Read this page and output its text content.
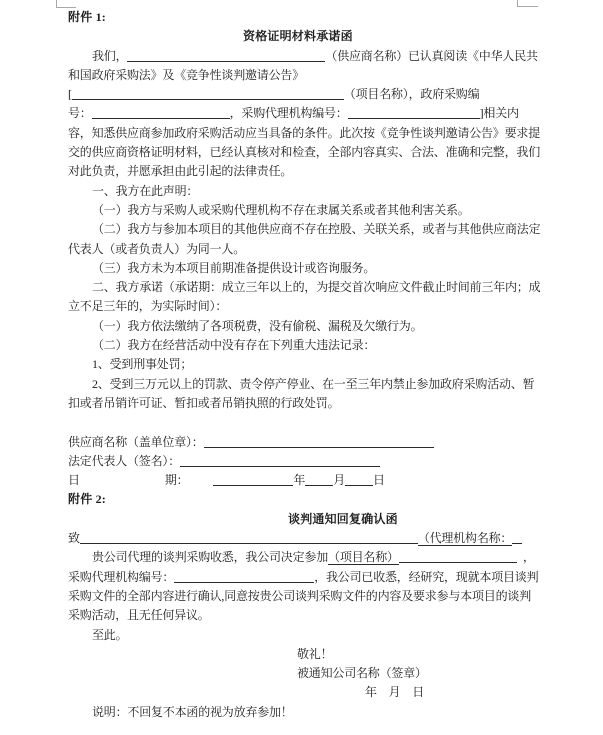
附件 1:
资格证明材料承诺函
我们，	（供应商名称）已认真阅读《中华人民共
和国政府采购法》及《竞争性谈判邀请公告》
[	（项目名称），政府采购编
号：	，采购代理机构编号：	]相关内
容，知悉供应商参加政府采购活动应当具备的条件。此次按《竞争性谈判邀请公告》要求提
交的供应商资格证明材料，已经认真核对和检查，全部内容真实、合法、准确和完整，我们
对此负责，并愿承担由此引起的法律责任。
一、我方在此声明：
（一）我方与采购人或采购代理机构不存在隶属关系或者其他利害关系。
（二）我方与参加本项目的其他供应商不存在控股、关联关系，或者与其他供应商法定
代表人（或者负责人）为同一人。
（三）我方未为本项目前期准备提供设计或咨询服务。
二、我方承诺（承诺期：成立三年以上的，为提交首次响应文件截止时间前三年内；成
立不足三年的，为实际时间）：
（一）我方依法缴纳了各项税费，没有偷税、漏税及欠缴行为。
（二）我方在经营活动中没有存在下列重大违法记录：
1、受到刑事处罚；
2、受到三万元以上的罚款、责令停产停业、在一至三年内禁止参加政府采购活动、暂
扣或者吊销许可证、暂扣或者吊销执照的行政处罚。

供应商名称（盖单位章）：
法定代表人（签名）：
日	期：	年 月 日
附件 2:
谈判通知回复确认函
致	（代理机构名称：
贵公司代理的谈判采购收悉，我公司决定参加（项目名称）	，
采购代理机构编号：	，我公司已收悉，经研究，现就本项目谈判
采购文件的全部内容进行确认,同意按贵公司谈判采购文件的内容及要求参与本项目的谈判
采购活动，且无任何异议。
至此。
敬礼！
被通知公司名称（签章）
年　月　日
说明：不回复不本函的视为放弃参加！
